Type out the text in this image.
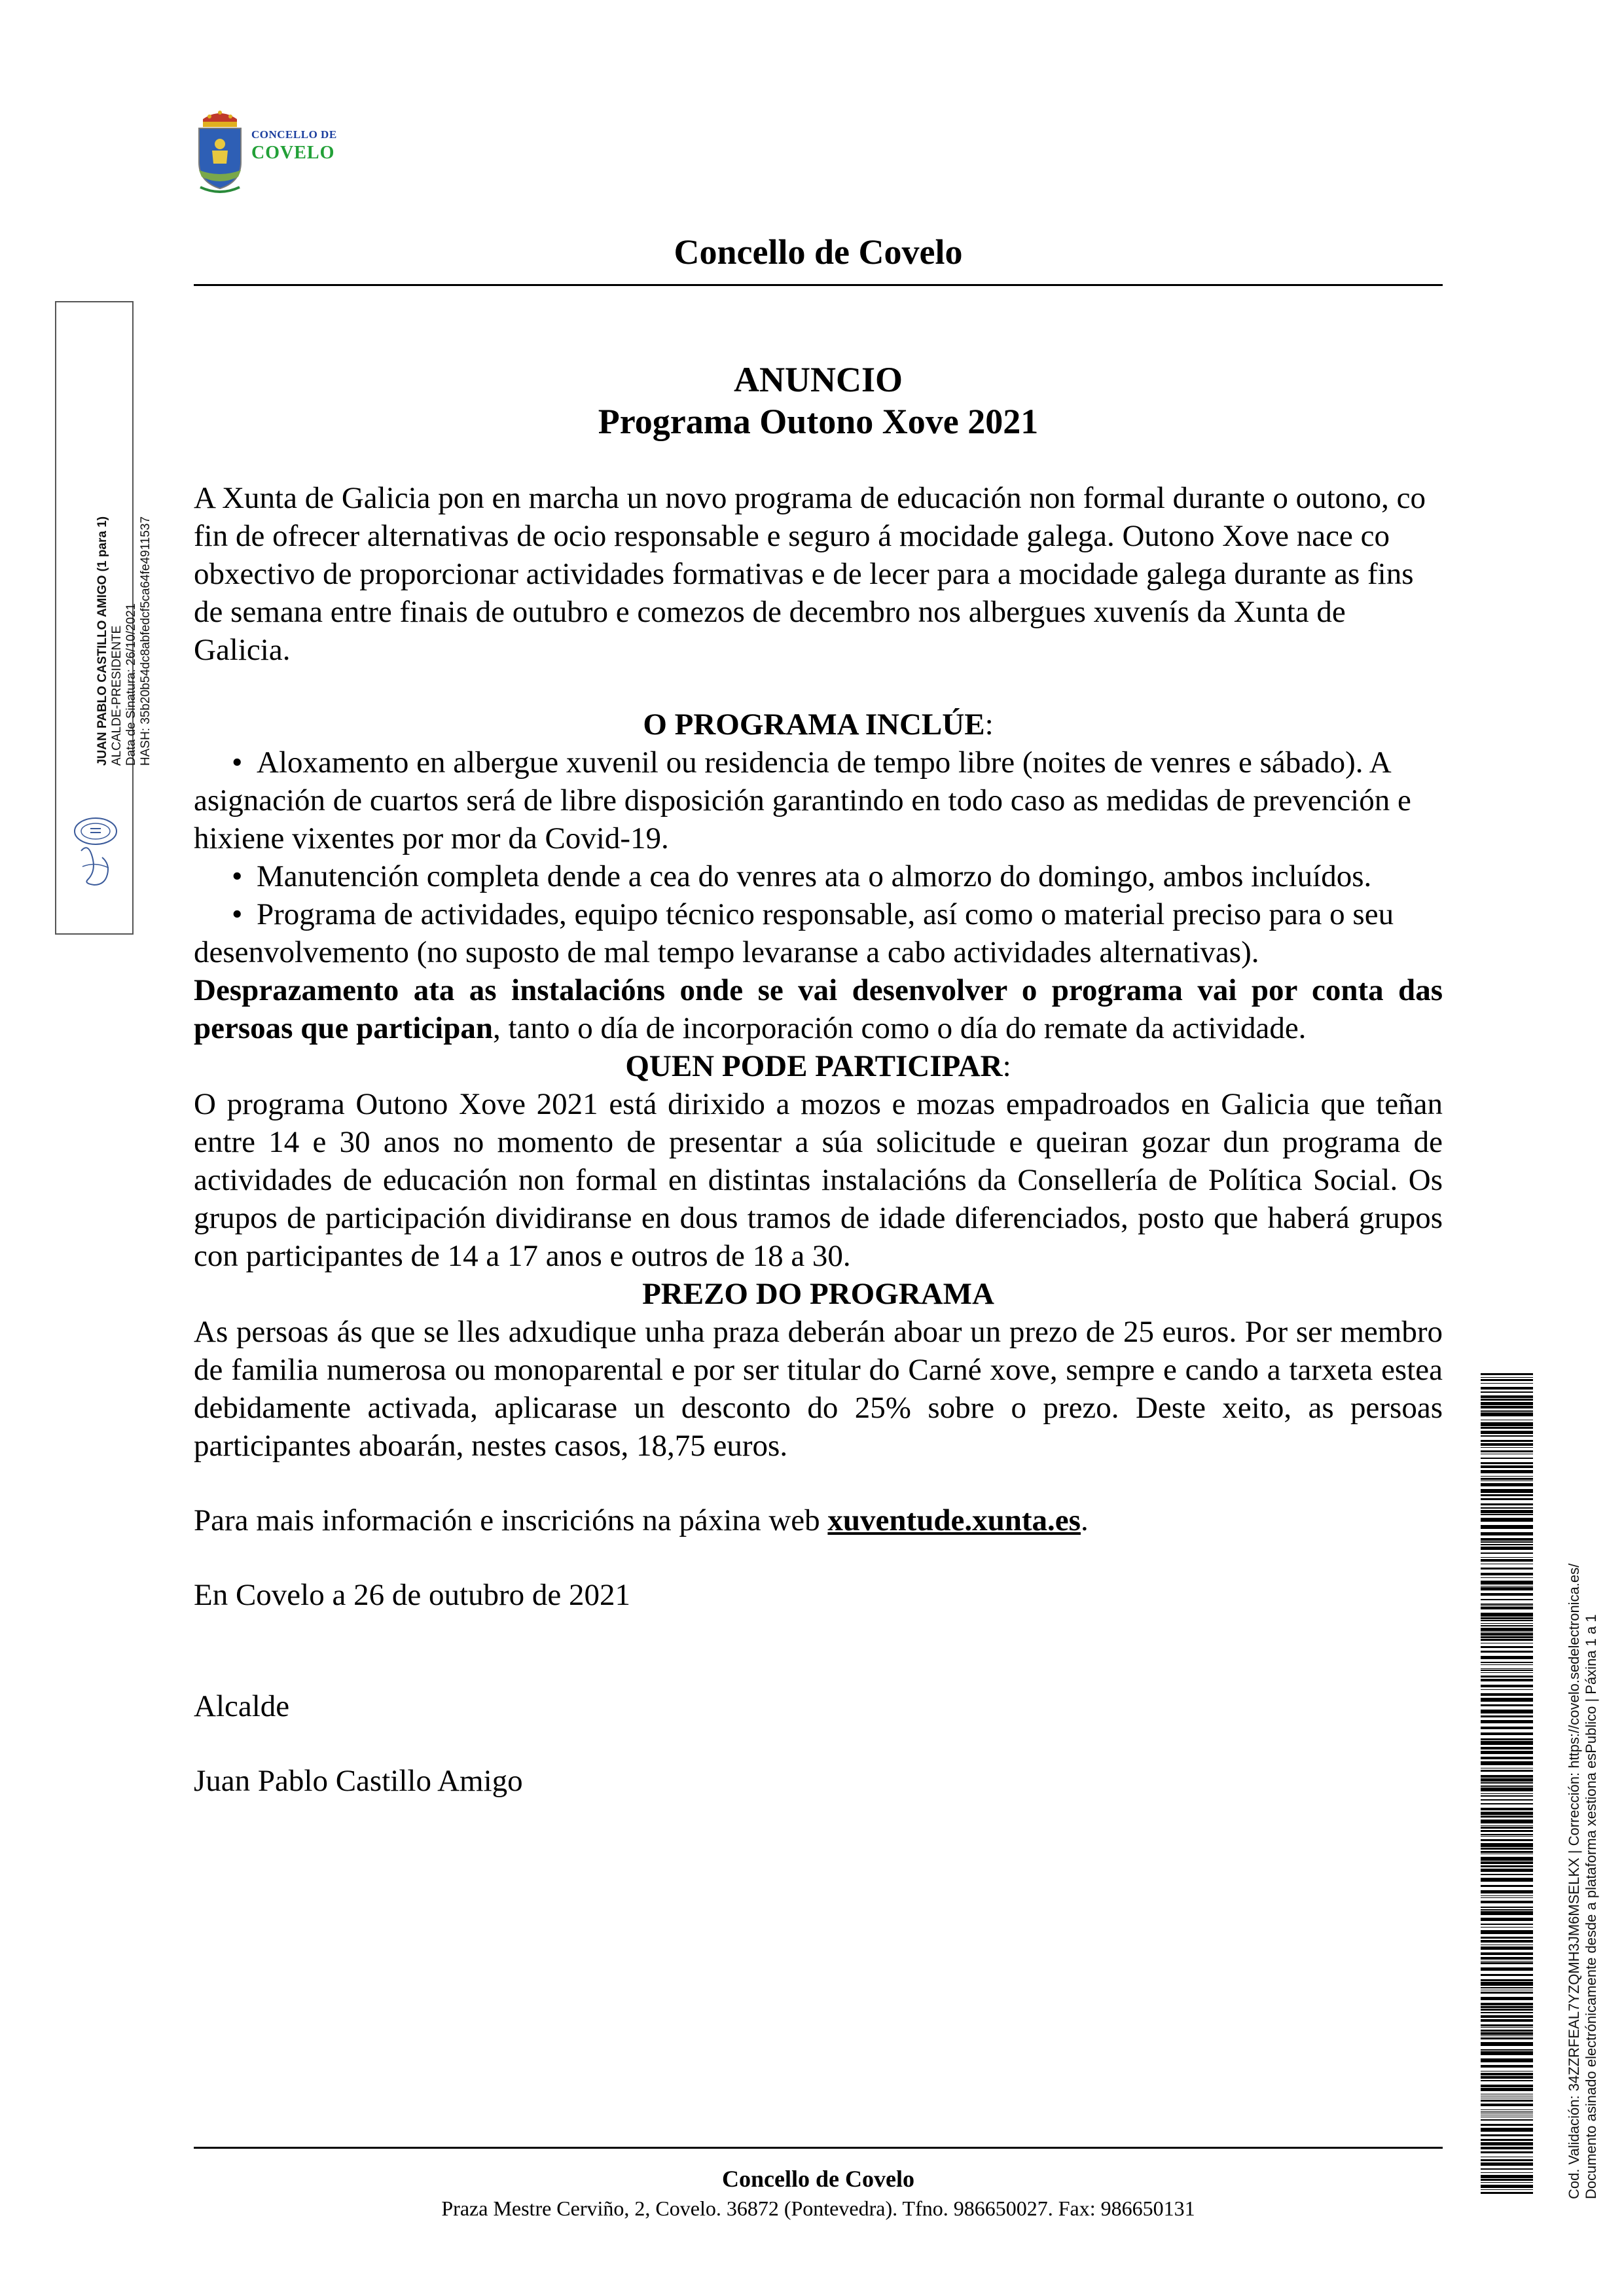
CONCELLO DE
COVELO
Concello de Covelo

ANUNCIO

Programa Outono Xove 2021

A Xunta de Galicia pon en marcha un novo programa de educación non formal durante o outono, co fin de ofrecer alternativas de ocio responsable e seguro á mocidade galega. Outono Xove nace co obxectivo de proporcionar actividades formativas e de lecer para a mocidade galega durante as fins de semana entre finais de outubro e comezos de decembro nos albergues xuvenís da Xunta de Galicia.

O PROGRAMA INCLÚE:

• Aloxamento en albergue xuvenil ou residencia de tempo libre (noites de venres e sábado). A asignación de cuartos será de libre disposición garantindo en todo caso as medidas de prevención e hixiene vixentes por mor da Covid-19.

• Manutención completa dende a cea do venres ata o almorzo do domingo, ambos incluídos.

• Programa de actividades, equipo técnico responsable, así como o material preciso para o seu desenvolvemento (no suposto de mal tempo levaranse a cabo actividades alternativas).

Desprazamento ata as instalacións onde se vai desenvolver o programa vai por conta das persoas que participan, tanto o día de incorporación como o día do remate da actividade.

QUEN PODE PARTICIPAR:

O programa Outono Xove 2021 está dirixido a mozos e mozas empadroados en Galicia que teñan entre 14 e 30 anos no momento de presentar a súa solicitude e queiran gozar dun programa de actividades de educación non formal en distintas instalacións da Consellería de Política Social. Os grupos de participación dividiranse en dous tramos de idade diferenciados, posto que haberá grupos con participantes de 14 a 17 anos e outros de 18 a 30.

PREZO DO PROGRAMA

As persoas ás que se lles adxudique unha praza deberán aboar un prezo de 25 euros. Por ser membro de familia numerosa ou monoparental e por ser titular do Carné xove, sempre e cando a tarxeta estea debidamente activada, aplicarase un desconto do 25% sobre o prezo. Deste xeito, as persoas participantes aboarán, nestes casos, 18,75 euros.

Para mais información e inscricións na páxina web xuventude.xunta.es.

En Covelo a 26 de outubro de 2021

Alcalde

Juan Pablo Castillo Amigo

Concello de Covelo
Praza Mestre Cerviño, 2, Covelo. 36872 (Pontevedra). Tfno. 986650027. Fax: 986650131
JUAN PABLO CASTILLO AMIGO (1 para 1) ALCALDE-PRESIDENTE Data de Sinatura: 26/10/2021 HASH: 35b20b54dc8abfedcf5ca64fe4911537
Cod. Validación: 34ZZRFEAL7YZQMH3JM6MSELKX | Corrección: https://covelo.sedelectronica.es/ Documento asinado electrónicamente desde a plataforma xestiona esPublico | Páxina 1 a 1
